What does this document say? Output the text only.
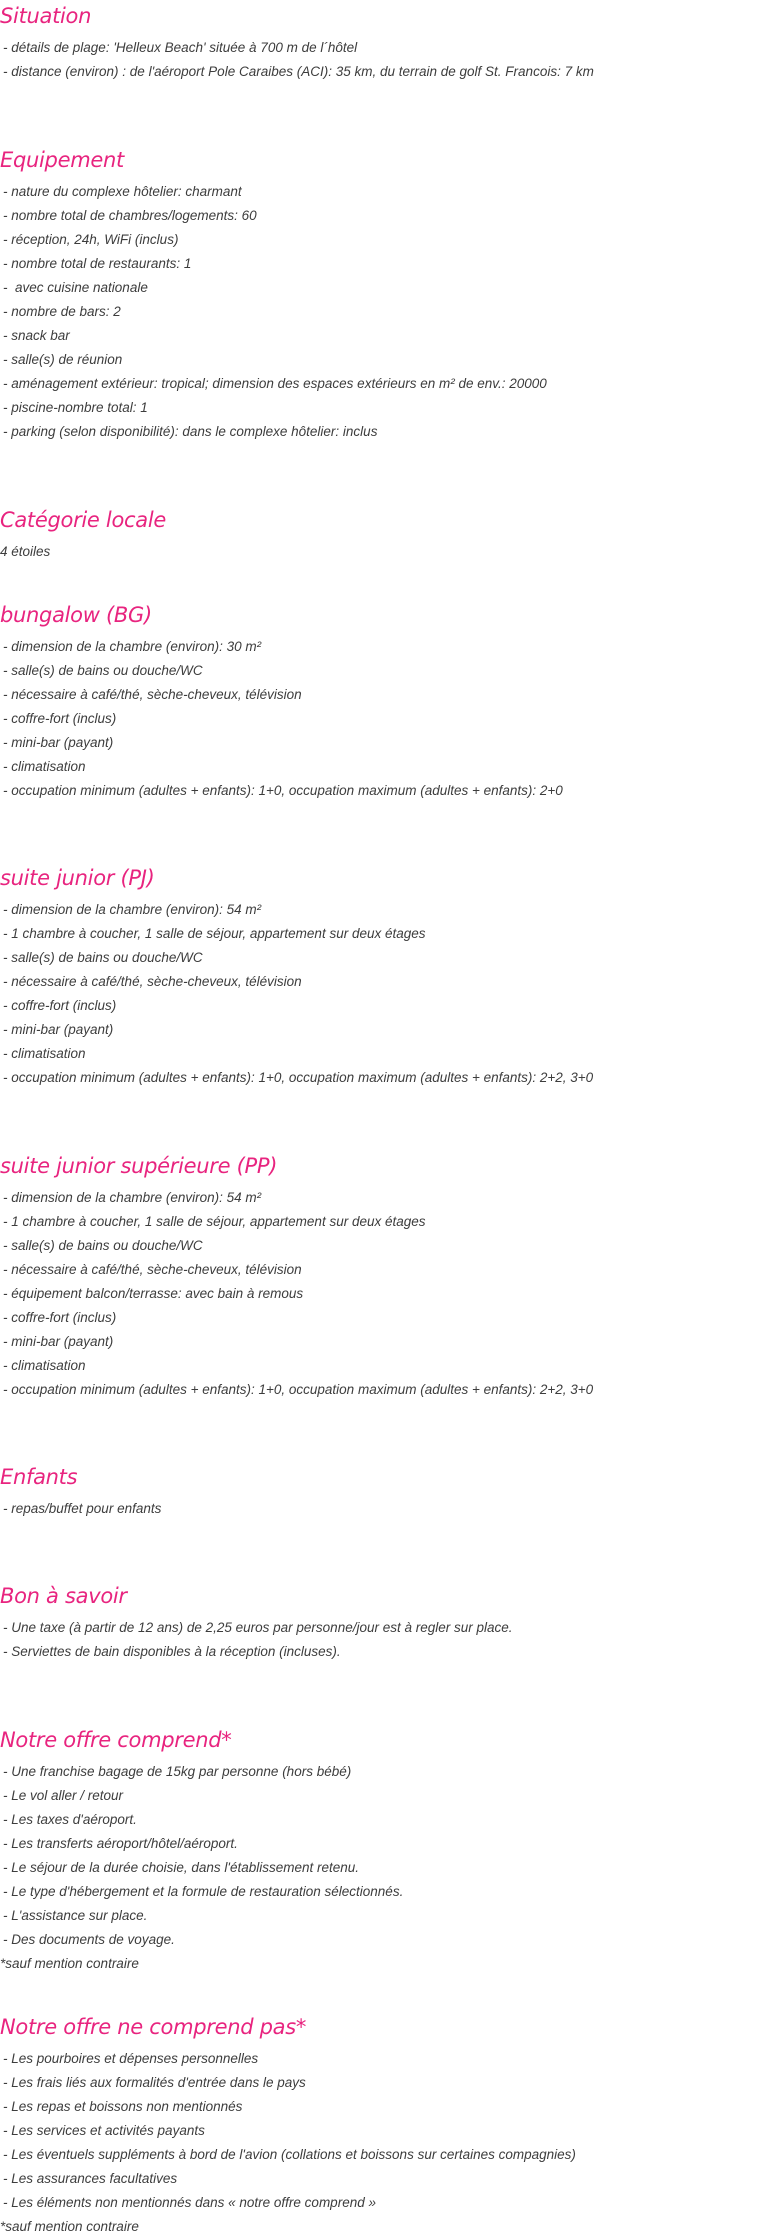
Situation

- détails de plage: 'Helleux Beach' située à 700 m de l´hôtel

- distance (environ) : de l'aéroport Pole Caraibes (ACI): 35 km, du terrain de golf St. Francois: 7 km

Equipement

- nature du complexe hôtelier: charmant

- nombre total de chambres/logements: 60

- réception, 24h, WiFi (inclus)

- nombre total de restaurants: 1

-  avec cuisine nationale

- nombre de bars: 2

- snack bar

- salle(s) de réunion

- aménagement extérieur: tropical; dimension des espaces extérieurs en m² de env.: 20000

- piscine-nombre total: 1

- parking (selon disponibilité): dans le complexe hôtelier: inclus

Catégorie locale

4 étoiles

bungalow (BG)

- dimension de la chambre (environ): 30 m²

- salle(s) de bains ou douche/WC

- nécessaire à café/thé, sèche-cheveux, télévision

- coffre-fort (inclus)

- mini-bar (payant)

- climatisation

- occupation minimum (adultes + enfants): 1+0, occupation maximum (adultes + enfants): 2+0

suite junior (PJ)

- dimension de la chambre (environ): 54 m²

- 1 chambre à coucher, 1 salle de séjour, appartement sur deux étages

- salle(s) de bains ou douche/WC

- nécessaire à café/thé, sèche-cheveux, télévision

- coffre-fort (inclus)

- mini-bar (payant)

- climatisation

- occupation minimum (adultes + enfants): 1+0, occupation maximum (adultes + enfants): 2+2, 3+0

suite junior supérieure (PP)

- dimension de la chambre (environ): 54 m²

- 1 chambre à coucher, 1 salle de séjour, appartement sur deux étages

- salle(s) de bains ou douche/WC

- nécessaire à café/thé, sèche-cheveux, télévision

- équipement balcon/terrasse: avec bain à remous

- coffre-fort (inclus)

- mini-bar (payant)

- climatisation

- occupation minimum (adultes + enfants): 1+0, occupation maximum (adultes + enfants): 2+2, 3+0

Enfants

- repas/buffet pour enfants

Bon à savoir

- Une taxe (à partir de 12 ans) de 2,25 euros par personne/jour est à regler sur place.

- Serviettes de bain disponibles à la réception (incluses).

Notre offre comprend*

- Une franchise bagage de 15kg par personne (hors bébé)

- Le vol aller / retour

- Les taxes d'aéroport.

- Les transferts aéroport/hôtel/aéroport.

- Le séjour de la durée choisie, dans l'établissement retenu.

- Le type d'hébergement et la formule de restauration sélectionnés.

- L'assistance sur place.

- Des documents de voyage.

*sauf mention contraire

Notre offre ne comprend pas*

- Les pourboires et dépenses personnelles

- Les frais liés aux formalités d'entrée dans le pays

- Les repas et boissons non mentionnés

- Les services et activités payants

- Les éventuels suppléments à bord de l'avion (collations et boissons sur certaines compagnies)

- Les assurances facultatives

- Les éléments non mentionnés dans « notre offre comprend »

*sauf mention contraire
